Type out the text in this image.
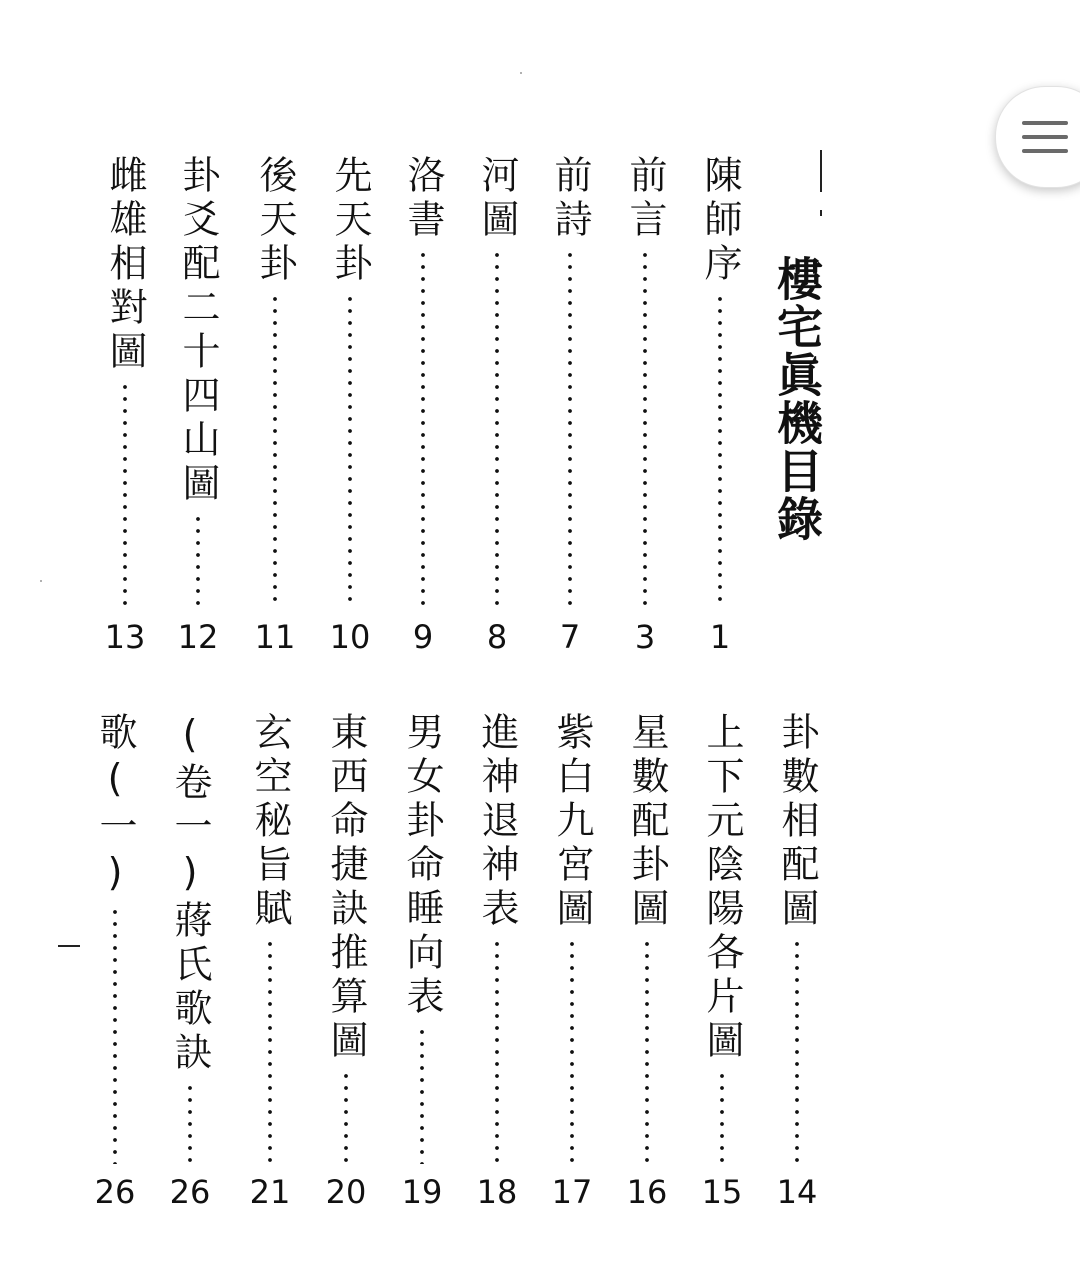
樓宅眞機目錄
陳師序
1
前言
3
前詩
7
河圖
8
洛書
9
先天卦
10
後天卦
11
卦爻配二十四山圖
12
雌雄相對圖
13
卦數相配圖
14
上下元陰陽各片圖
15
星數配卦圖
16
紫白九宮圖
17
進神退神表
18
男女卦命睡向表
19
東西命捷訣推算圖
20
玄空秘旨賦
21
(卷一)蔣氏歌訣
26
歌(一)
26
